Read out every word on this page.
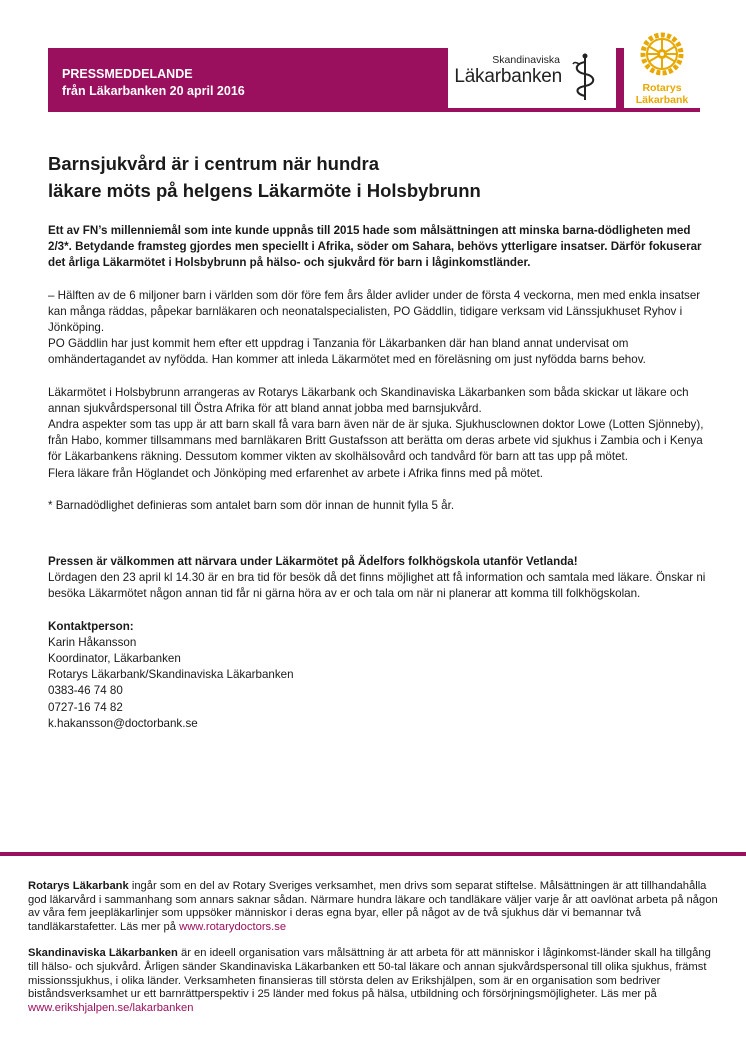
PRESSMEDDELANDE
från Läkarbanken 20 april 2016
Skandinaviska
Läkarbanken
Rotarys
Läkarbank
Barnsjukvård är i centrum när hundra
läkare möts på helgens Läkarmöte i Holsbybrunn

Ett av FN’s millenniemål som inte kunde uppnås till 2015 hade som målsättningen att minska barna-dödligheten med 2/3*. Betydande framsteg gjordes men speciellt i Afrika, söder om Sahara, behövs ytterligare insatser. Därför fokuserar det årliga Läkarmötet i Holsbybrunn på hälso- och sjukvård för barn i låginkomstländer.

– Hälften av de 6 miljoner barn i världen som dör före fem års ålder avlider under de första 4 veckorna, men med enkla insatser kan många räddas, påpekar barnläkaren och neonatalspecialisten, PO Gäddlin, tidigare verksam vid Länssjukhuset Ryhov i Jönköping.

PO Gäddlin har just kommit hem efter ett uppdrag i Tanzania för Läkarbanken där han bland annat undervisat om omhändertagandet av nyfödda. Han kommer att inleda Läkarmötet med en föreläsning om just nyfödda barns behov.

Läkarmötet i Holsbybrunn arrangeras av Rotarys Läkarbank och Skandinaviska Läkarbanken som båda skickar ut läkare och annan sjukvårdspersonal till Östra Afrika för att bland annat jobba med barnsjukvård.

Andra aspekter som tas upp är att barn skall få vara barn även när de är sjuka. Sjukhusclownen doktor Lowe (Lotten Sjönneby), från Habo, kommer tillsammans med barnläkaren Britt Gustafsson att berätta om deras arbete vid sjukhus i Zambia och i Kenya för Läkarbankens räkning. Dessutom kommer vikten av skolhälsovård och tandvård för barn att tas upp på mötet.

Flera läkare från Höglandet och Jönköping med erfarenhet av arbete i Afrika finns med på mötet.

* Barnadödlighet definieras som antalet barn som dör innan de hunnit fylla 5 år.

Pressen är välkommen att närvara under Läkarmötet på Ädelfors folkhögskola utanför Vetlanda!

Lördagen den 23 april kl 14.30 är en bra tid för besök då det finns möjlighet att få information och samtala med läkare. Önskar ni besöka Läkarmötet någon annan tid får ni gärna höra av er och tala om när ni planerar att komma till folkhögskolan.

Kontaktperson:

Karin Håkansson

Koordinator, Läkarbanken

Rotarys Läkarbank/Skandinaviska Läkarbanken

0383-46 74 80

0727-16 74 82

k.hakansson@doctorbank.se

Rotarys Läkarbank ingår som en del av Rotary Sveriges verksamhet, men drivs som separat stiftelse. Målsättningen är att tillhandahålla god läkarvård i sammanhang som annars saknar sådan. Närmare hundra läkare och tandläkare väljer varje år att oavlönat arbeta på någon av våra fem jeepläkarlinjer som uppsöker människor i deras egna byar, eller på något av de två sjukhus där vi bemannar två tandläkarstafetter. Läs mer på www.rotarydoctors.se

Skandinaviska Läkarbanken är en ideell organisation vars målsättning är att arbeta för att människor i låginkomst-länder skall ha tillgång till hälso- och sjukvård. Årligen sänder Skandinaviska Läkarbanken ett 50-tal läkare och annan sjukvårdspersonal till olika sjukhus, främst missionssjukhus, i olika länder. Verksamheten finansieras till största delen av Erikshjälpen, som är en organisation som bedriver biståndsverksamhet ur ett barnrättperspektiv i 25 länder med fokus på hälsa, utbildning och försörjningsmöjligheter. Läs mer på www.erikshjalpen.se/lakarbanken
